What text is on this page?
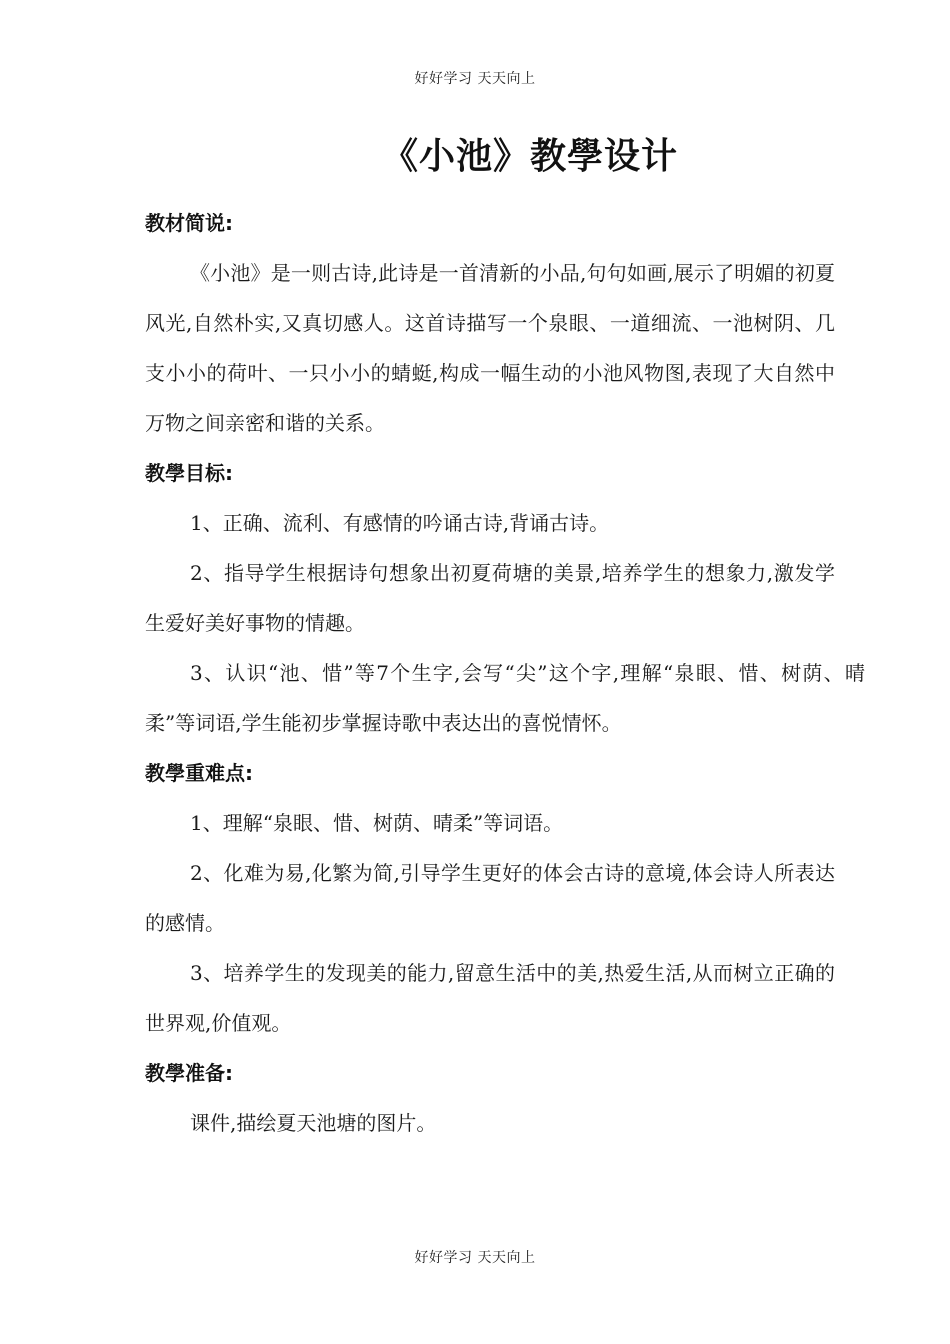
好好学习 天天向上
《小池》教學设计
教材简说:
《小池》是一则古诗,此诗是一首清新的小品,句句如画,展示了明媚的初夏风光,自然朴实,又真切感人。这首诗描写一个泉眼、一道细流、一池树阴、几支小小的荷叶、一只小小的蜻蜓,构成一幅生动的小池风物图,表现了大自然中万物之间亲密和谐的关系。
教學目标:
1、正确、流利、有感情的吟诵古诗,背诵古诗。
2、指导学生根据诗句想象出初夏荷塘的美景,培养学生的想象力,激发学生爱好美好事物的情趣。
3、认识“池、惜”等7个生字,会写“尖”这个字,理解“泉眼、惜、树荫、晴柔”等词语,学生能初步掌握诗歌中表达出的喜悦情怀。
教學重难点:
1、理解“泉眼、惜、树荫、晴柔”等词语。
2、化难为易,化繁为简,引导学生更好的体会古诗的意境,体会诗人所表达的感情。
3、培养学生的发现美的能力,留意生活中的美,热爱生活,从而树立正确的世界观,价值观。
教學准备:
课件,描绘夏天池塘的图片。
好好学习 天天向上
